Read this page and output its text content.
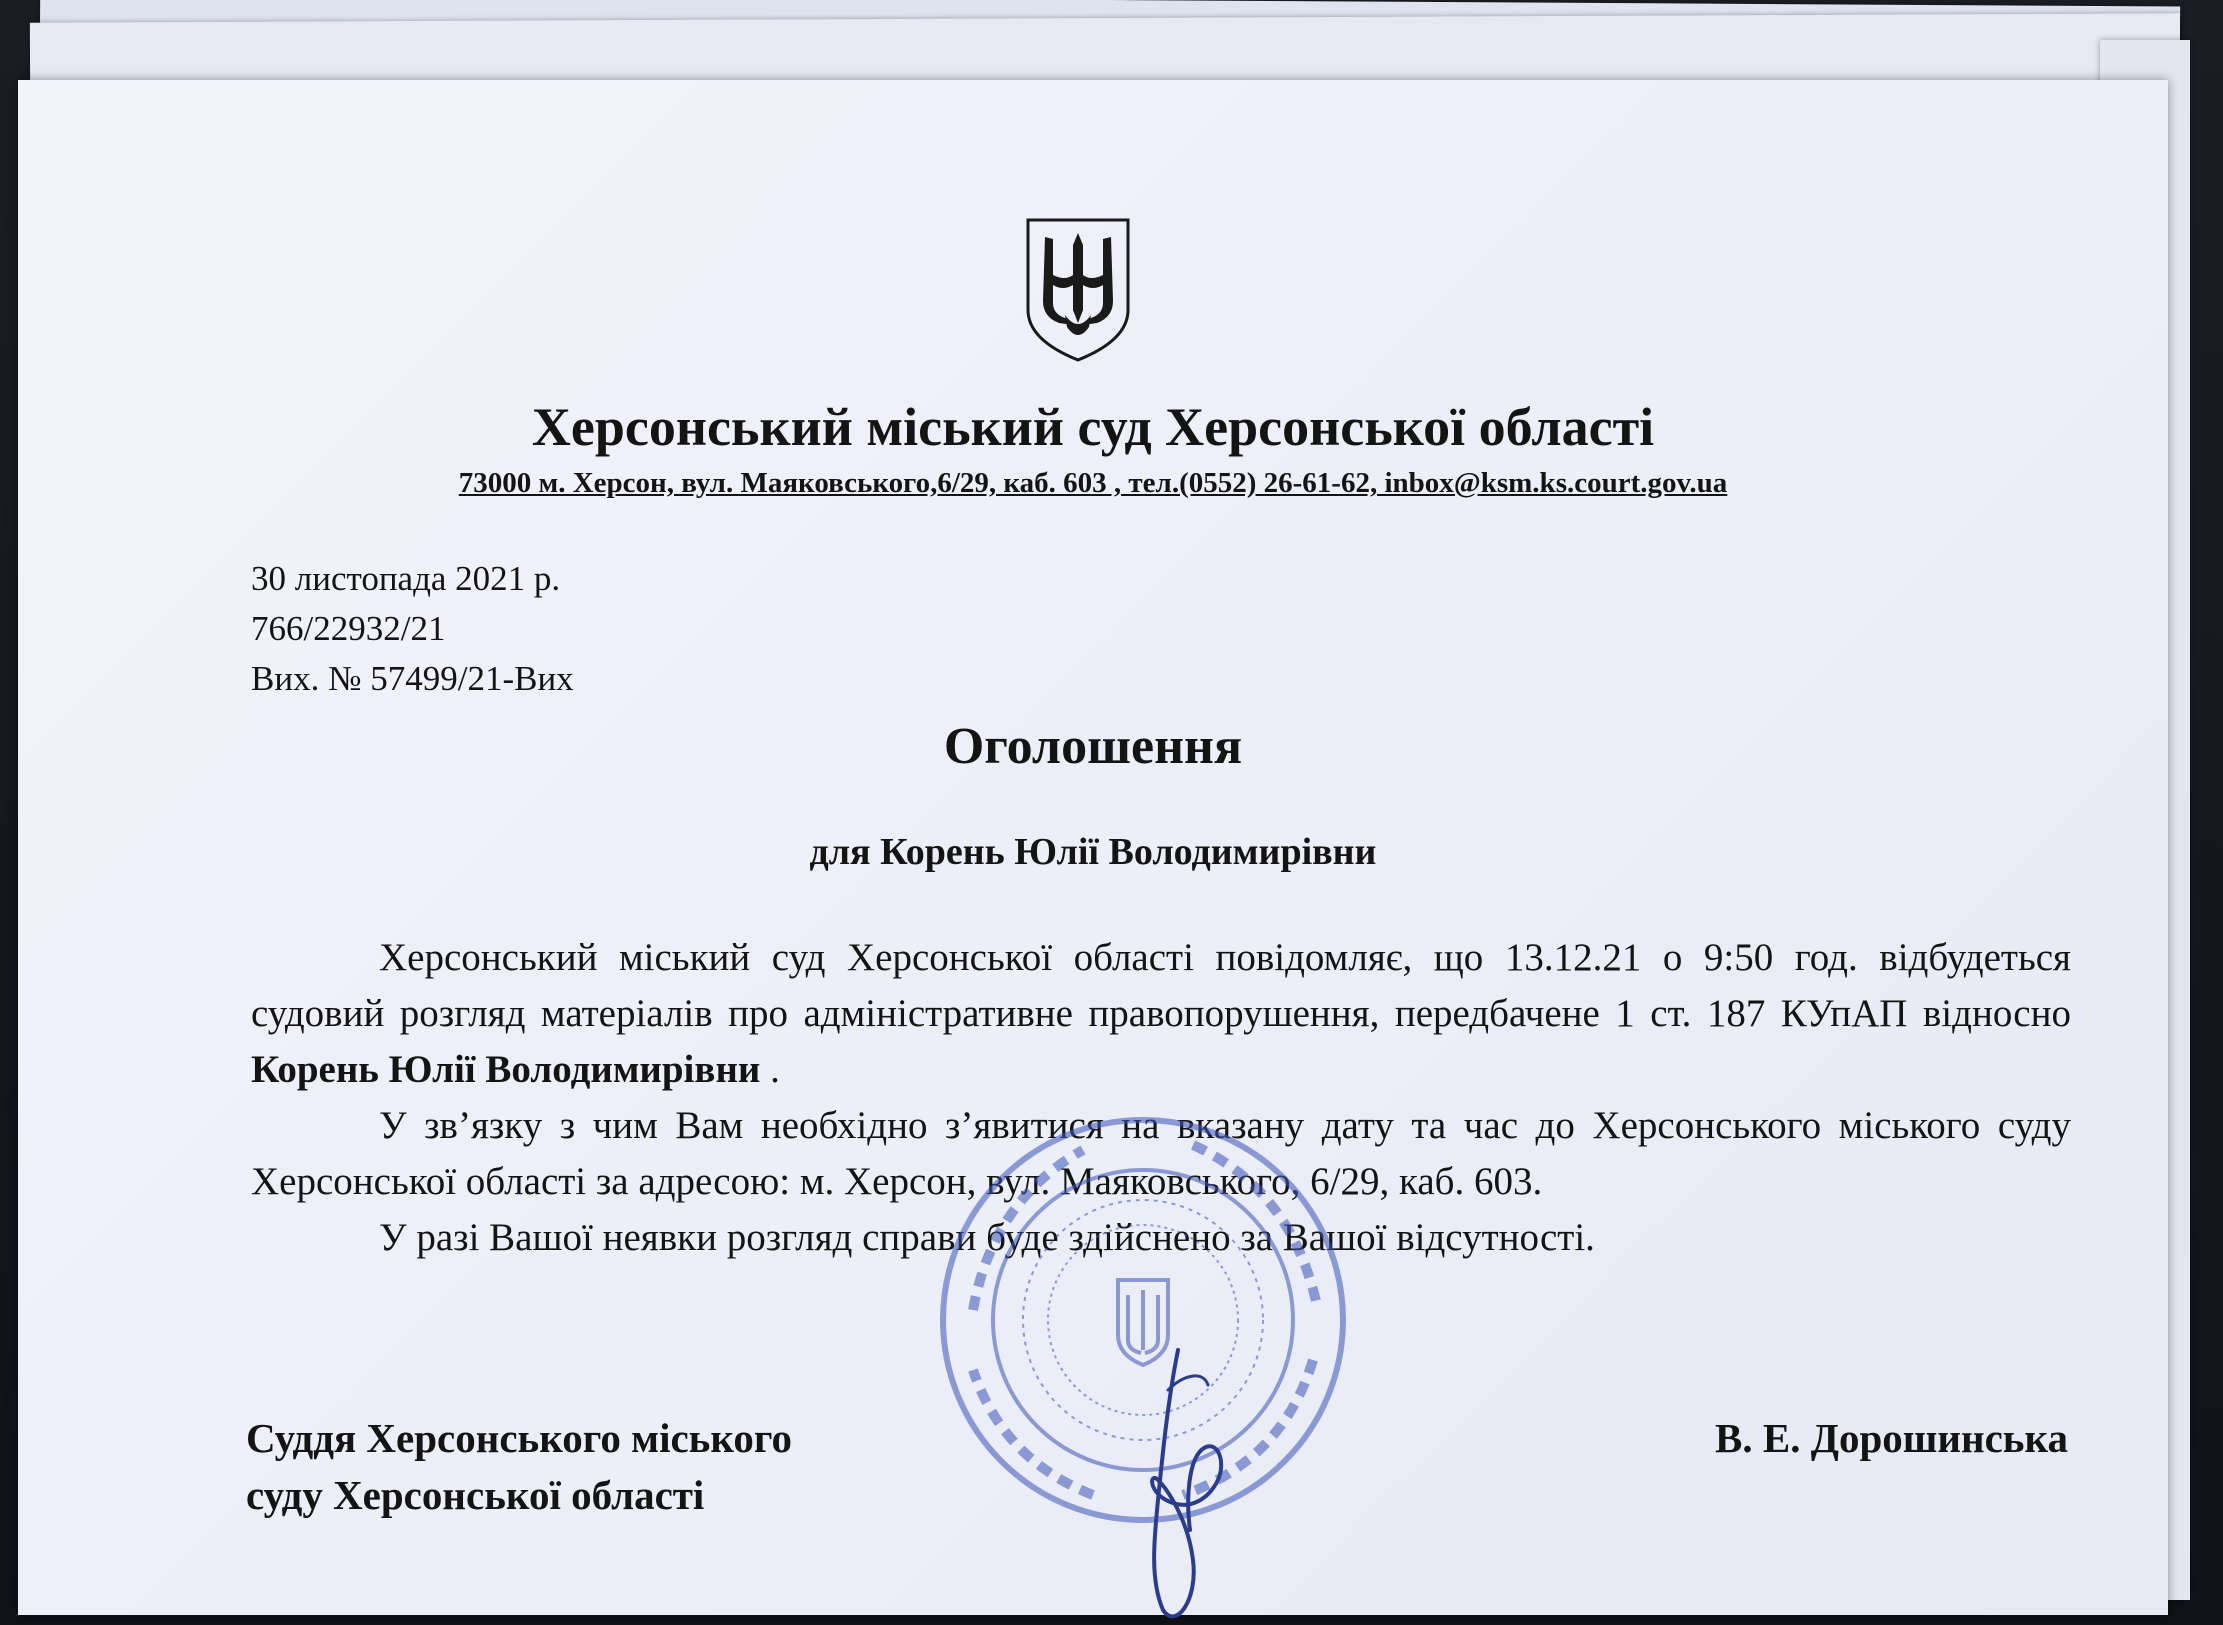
Херсонський міський суд Херсонської області
73000 м. Херсон, вул. Маяковського,6/29, каб. 603 , тел.(0552) 26-61-62, inbox@ksm.ks.court.gov.ua
30 листопада 2021 р.
766/22932/21
Вих. № 57499/21-Вих
Оголошення
для Корень Юлії Володимирівни

Херсонський міський суд Херсонської області повідомляє, що 13.12.21 о 9:50 год. відбудеться судовий розгляд матеріалів про адміністративне правопорушення, передбачене 1 ст. 187 КУпАП відносно Корень Юлії Володимирівни .

У зв’язку з чим Вам необхідно з’явитися на вказану дату та час до Херсонського міського суду Херсонської області за адресою: м. Херсон, вул. Маяковського, 6/29, каб. 603.

У разі Вашої неявки розгляд справи буде здійснено за Вашої відсутності.

Суддя Херсонського міського
суду Херсонської області
В. Е. Дорошинська
